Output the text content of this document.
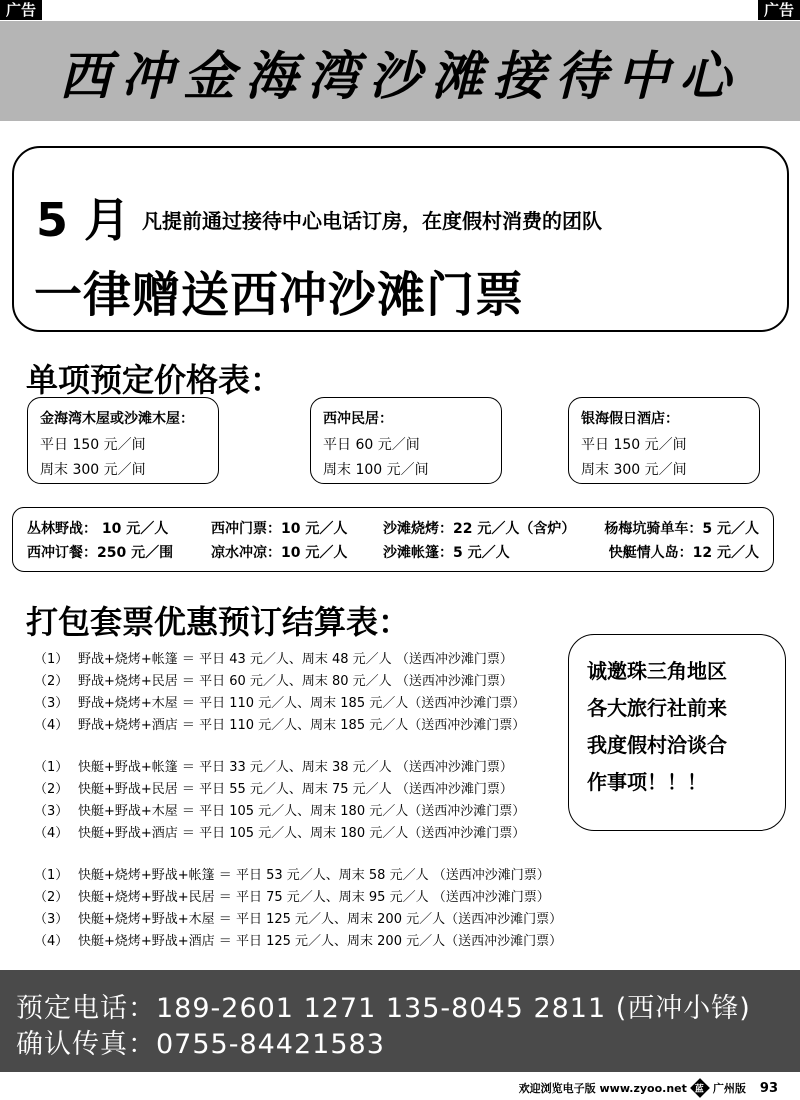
广告	广告
西冲金海湾沙滩接待中心
5 月 凡提前通过接待中心电话订房，在度假村消费的团队
一律赠送西冲沙滩门票
单项预定价格表：
金海湾木屋或沙滩木屋：
平日 150 元／间
周末 300 元／间
西冲民居：
平日 60 元／间
周末 100 元／间
银海假日酒店：
平日 150 元／间
周末 300 元／间
丛林野战： 10 元／人	西冲门票：10 元／人	沙滩烧烤：22 元／人（含炉） 杨梅坑骑单车：5 元／人
西冲订餐：250 元／围	凉水冲凉：10 元／人	沙滩帐篷：5 元／人	快艇情人岛：12 元／人
打包套票优惠预订结算表：
（1） 野战+烧烤+帐篷 ＝ 平日 43 元／人、周末 48 元／人 （送西冲沙滩门票）
（2） 野战+烧烤+民居 ＝ 平日 60 元／人、周末 80 元／人 （送西冲沙滩门票）
（3） 野战+烧烤+木屋 ＝ 平日 110 元／人、周末 185 元／人（送西冲沙滩门票）
（4） 野战+烧烤+酒店 ＝ 平日 110 元／人、周末 185 元／人（送西冲沙滩门票）
（1） 快艇+野战+帐篷 ＝ 平日 33 元／人、周末 38 元／人 （送西冲沙滩门票）
（2） 快艇+野战+民居 ＝ 平日 55 元／人、周末 75 元／人 （送西冲沙滩门票）
（3） 快艇+野战+木屋 ＝ 平日 105 元／人、周末 180 元／人（送西冲沙滩门票）
（4） 快艇+野战+酒店 ＝ 平日 105 元／人、周末 180 元／人（送西冲沙滩门票）
（1） 快艇+烧烤+野战+帐篷 ＝ 平日 53 元／人、周末 58 元／人 （送西冲沙滩门票）
（2） 快艇+烧烤+野战+民居 ＝ 平日 75 元／人、周末 95 元／人 （送西冲沙滩门票）
（3） 快艇+烧烤+野战+木屋 ＝ 平日 125 元／人、周末 200 元／人（送西冲沙滩门票）
（4） 快艇+烧烤+野战+酒店 ＝ 平日 125 元／人、周末 200 元／人（送西冲沙滩门票）
诚邀珠三角地区
各大旅行社前来
我度假村洽谈合
作事项！！！
预定电话：189-2601 1271 135-8045 2811 (西冲小锋)
确认传真：0755-84421583
欢迎浏览电子版 www.zyoo.net 蓝 广州版 93
